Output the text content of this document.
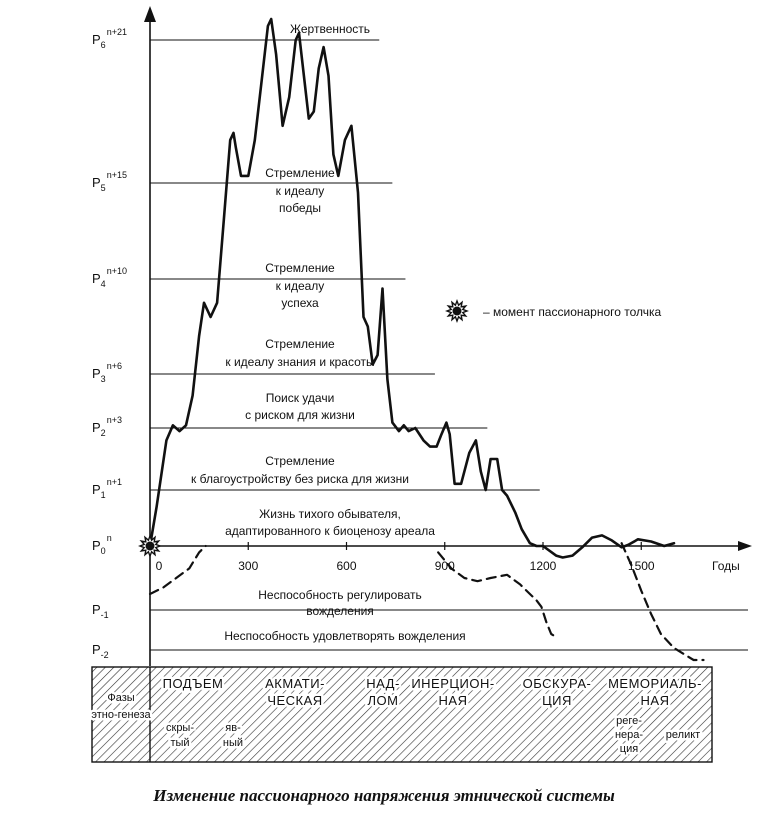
$P_6^{n+21}$	Жертвенность
$P_5^{n+15}$	Стремление
к идеалу
победы
$P_4^{n+10}$	Стремление
к идеалу
успеха
$P_3^{n+6}$
Стремление
к идеалу знания и красоты
$P_2^{n+3}$
Поиск удачи
с риском для жизни
$P_1^{n+1}$
Стремление
к благоустройству без риска для жизни
$P_0^n$
Жизнь тихого обывателя,
адаптированного к биоценозу ареала
$P_{-1}$
Неспособность регулировать
вожделения
$P_{-2}$
Неспособность удовлетворять вожделения
0	300	600	900	1200	1500	Годы
– момент пассионарного толчка
Фазы
этно-генеза
ПОДЪЕМ
скры-
тый
яв-
ный
АКМАТИ-
ЧЕСКАЯ
НАД-
ЛОМ
ИНЕРЦИОН-
НАЯ
ОБСКУРА-
ЦИЯ
МЕМОРИАЛЬ-
НАЯ
реге-
нера-
ция
реликт
Изменение пассионарного напряжения этнической системы
